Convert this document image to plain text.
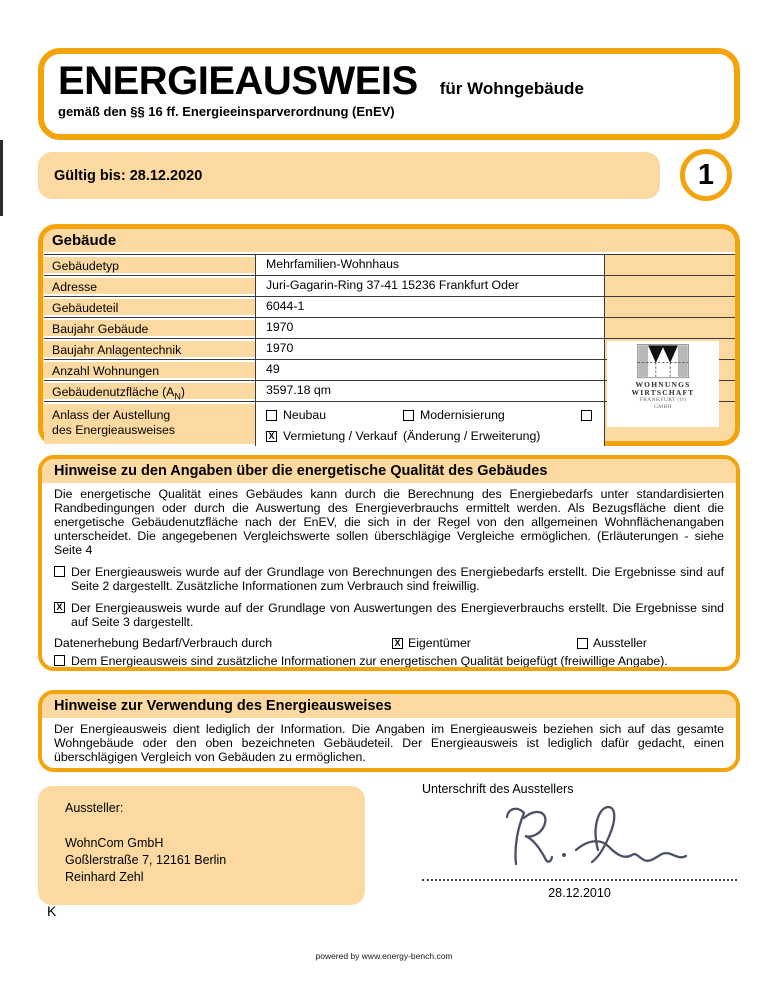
ENERGIEAUSWEIS für Wohngebäude
gemäß den §§ 16 ff. Energieeinsparverordnung (EnEV)
Gültig bis: 28.12.2020	1
Gebäude
Gebäudetyp	Mehrfamilien-Wohnhaus
Adresse	Juri-Gagarin-Ring 37-41 15236 Frankfurt Oder
Gebäudeteil	6044-1
Baujahr Gebäude	1970
Baujahr Anlagentechnik	1970
Anzahl Wohnungen	49
Gebäudenutzfläche $(A_N)$	3597.18 qm
Anlass der Austellung
des Energieausweises
Neubau	Modernisierung
X Vermietung / Verkauf (Änderung / Erweiterung)
WOHNUNGS
WIRTSCHAFT
FRANKFURT (O)
GMBH
Hinweise zu den Angaben über die energetische Qualität des Gebäudes

Die energetische Qualität eines Gebäudes kann durch die Berechnung des Energiebedarfs unter standardisierten Randbedingungen oder durch die Auswertung des Energieverbrauchs ermittelt werden. Als Bezugsfläche dient die energetische Gebäudenutzfläche nach der EnEV, die sich in der Regel von den allgemeinen Wohnflächenangaben unterscheidet. Die angegebenen Vergleichswerte sollen überschlägige Vergleiche ermöglichen. (Erläuterungen - siehe Seite 4

Der Energieausweis wurde auf der Grundlage von Berechnungen des Energiebedarfs erstellt. Die Ergebnisse sind auf Seite 2 dargestellt. Zusätzliche Informationen zum Verbrauch sind freiwillig.
X Der Energieausweis wurde auf der Grundlage von Auswertungen des Energieverbrauchs erstellt. Die Ergebnisse sind auf Seite 3 dargestellt.
Datenerhebung Bedarf/Verbrauch durch	X Eigentümer	Aussteller
Dem Energieausweis sind zusätzliche Informationen zur energetischen Qualität beigefügt (freiwillige Angabe).
Hinweise zur Verwendung des Energieausweises

Der Energieausweis dient lediglich der Information. Die Angaben im Energieausweis beziehen sich auf das gesamte Wohngebäude oder den oben bezeichneten Gebäudeteil. Der Energieausweis ist lediglich dafür gedacht, einen überschlägigen Vergleich von Gebäuden zu ermöglichen.

Aussteller:
WohnCom GmbH
Goßlerstraße 7, 12161 Berlin
Reinhard Zehl
Unterschrift des Ausstellers
28.12.2010
K
powered by www.energy-bench.com
